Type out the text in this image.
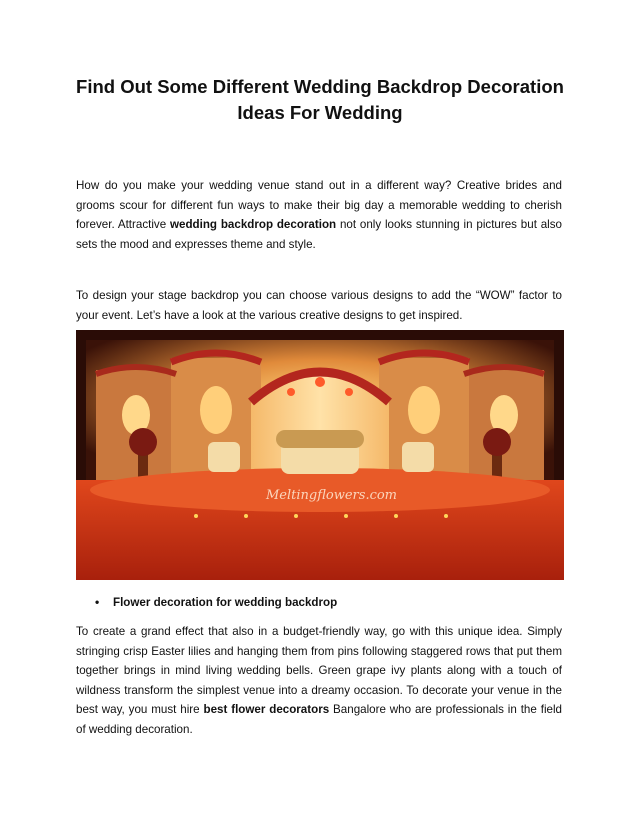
Find Out Some Different Wedding Backdrop Decoration Ideas For Wedding
How do you make your wedding venue stand out in a different way? Creative brides and grooms scour for different fun ways to make their big day a memorable wedding to cherish forever. Attractive wedding backdrop decoration not only looks stunning in pictures but also sets the mood and expresses theme and style.
To design your stage backdrop you can choose various designs to add the “WOW” factor to your event. Let’s have a look at the various creative designs to get inspired.
Meltingflowers.com
• Flower decoration for wedding backdrop
To create a grand effect that also in a budget-friendly way, go with this unique idea. Simply stringing crisp Easter lilies and hanging them from pins following staggered rows that put them together brings in mind living wedding bells. Green grape ivy plants along with a touch of wildness transform the simplest venue into a dreamy occasion. To decorate your venue in the best way, you must hire best flower decorators Bangalore who are professionals in the field of wedding decoration.
